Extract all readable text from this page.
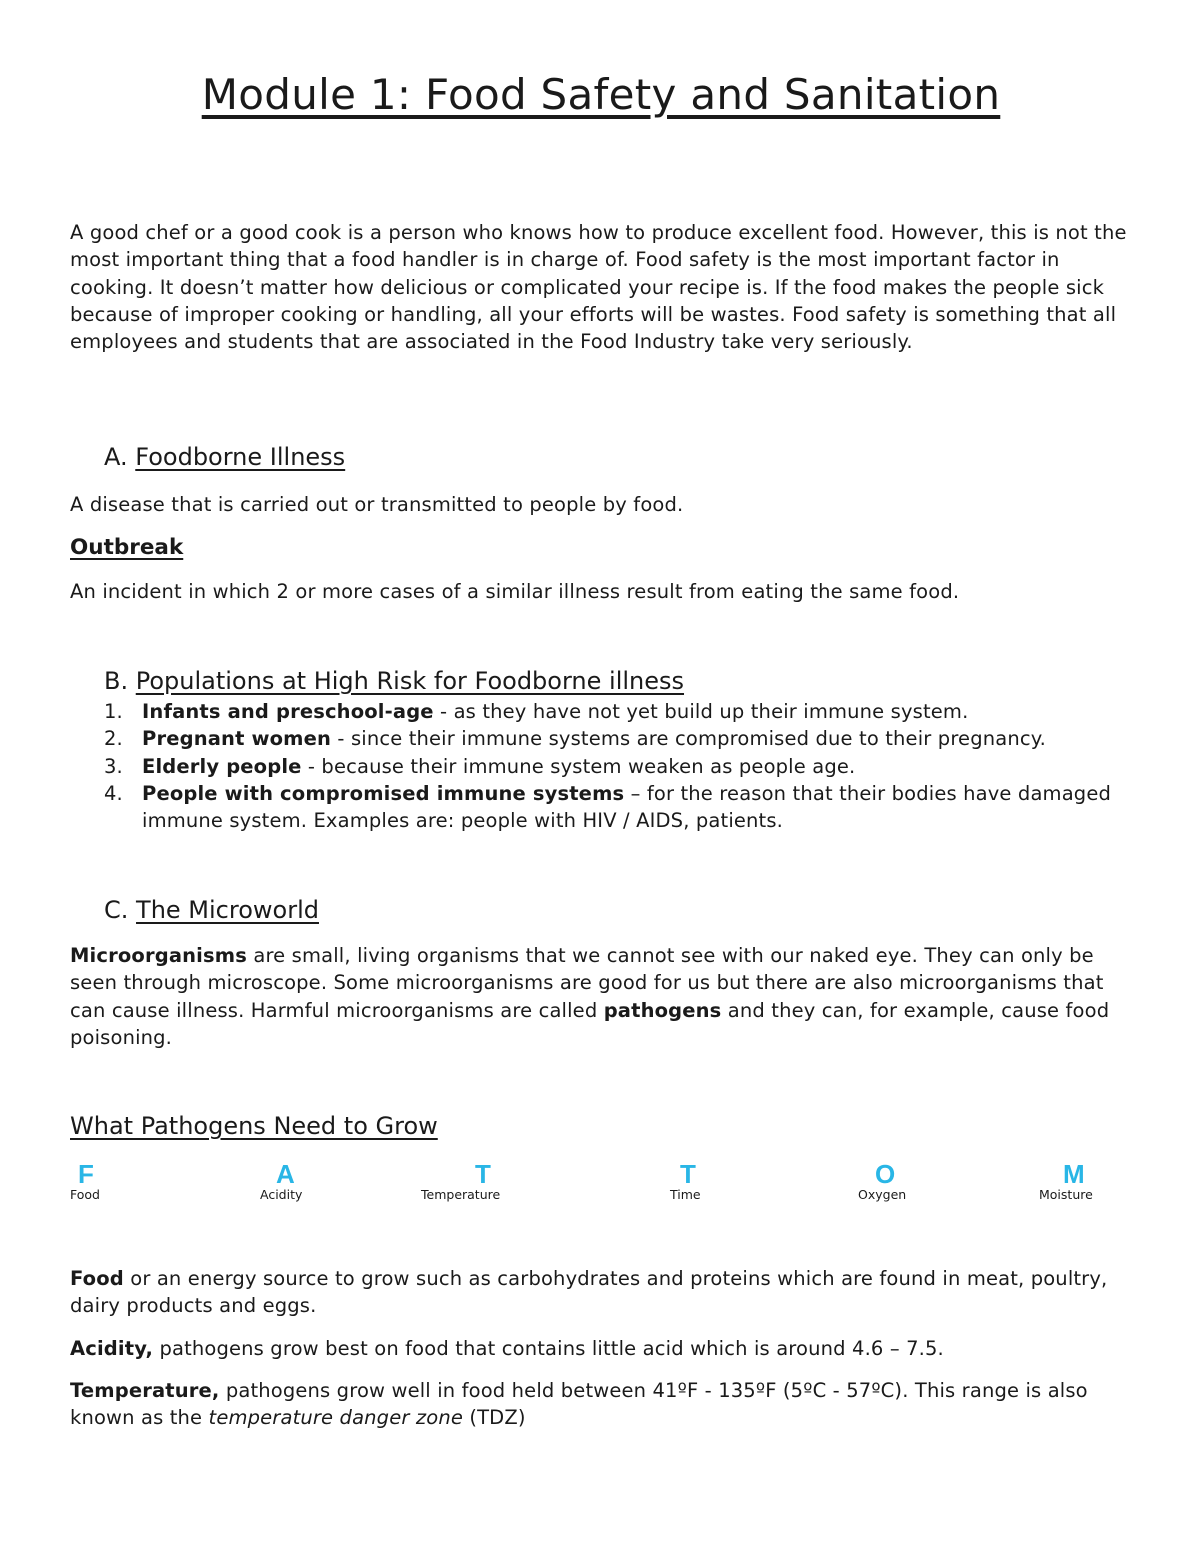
Module 1: Food Safety and Sanitation

A good chef or a good cook is a person who knows how to produce excellent food. However, this is not the most important thing that a food handler is in charge of. Food safety is the most important factor in cooking. It doesn’t matter how delicious or complicated your recipe is. If the food makes the people sick because of improper cooking or handling, all your efforts will be wastes. Food safety is something that all employees and students that are associated in the Food Industry take very seriously.

A. Foodborne Illness

A disease that is carried out or transmitted to people by food.

Outbreak

An incident in which 2 or more cases of a similar illness result from eating the same food.

B. Populations at High Risk for Foodborne illness
1. Infants and preschool-age - as they have not yet build up their immune system.
2. Pregnant women - since their immune systems are compromised due to their pregnancy.
3. Elderly people - because their immune system weaken as people age.
4. People with compromised immune systems – for the reason that their bodies have damaged immune system. Examples are: people with HIV / AIDS, patients.
C. The Microworld

Microorganisms are small, living organisms that we cannot see with our naked eye. They can only be seen through microscope. Some microorganisms are good for us but there are also microorganisms that can cause illness. Harmful microorganisms are called pathogens and they can, for example, cause food poisoning.

What Pathogens Need to Grow

Food or an energy source to grow such as carbohydrates and proteins which are found in meat, poultry, dairy products and eggs.

Acidity, pathogens grow best on food that contains little acid which is around 4.6 – 7.5.

Temperature, pathogens grow well in food held between 41ºF - 135ºF (5ºC - 57ºC). This range is also known as the temperature danger zone (TDZ)

F
Food
A
Acidity
T
Temperature
T
Time
O
Oxygen
M
Moisture
